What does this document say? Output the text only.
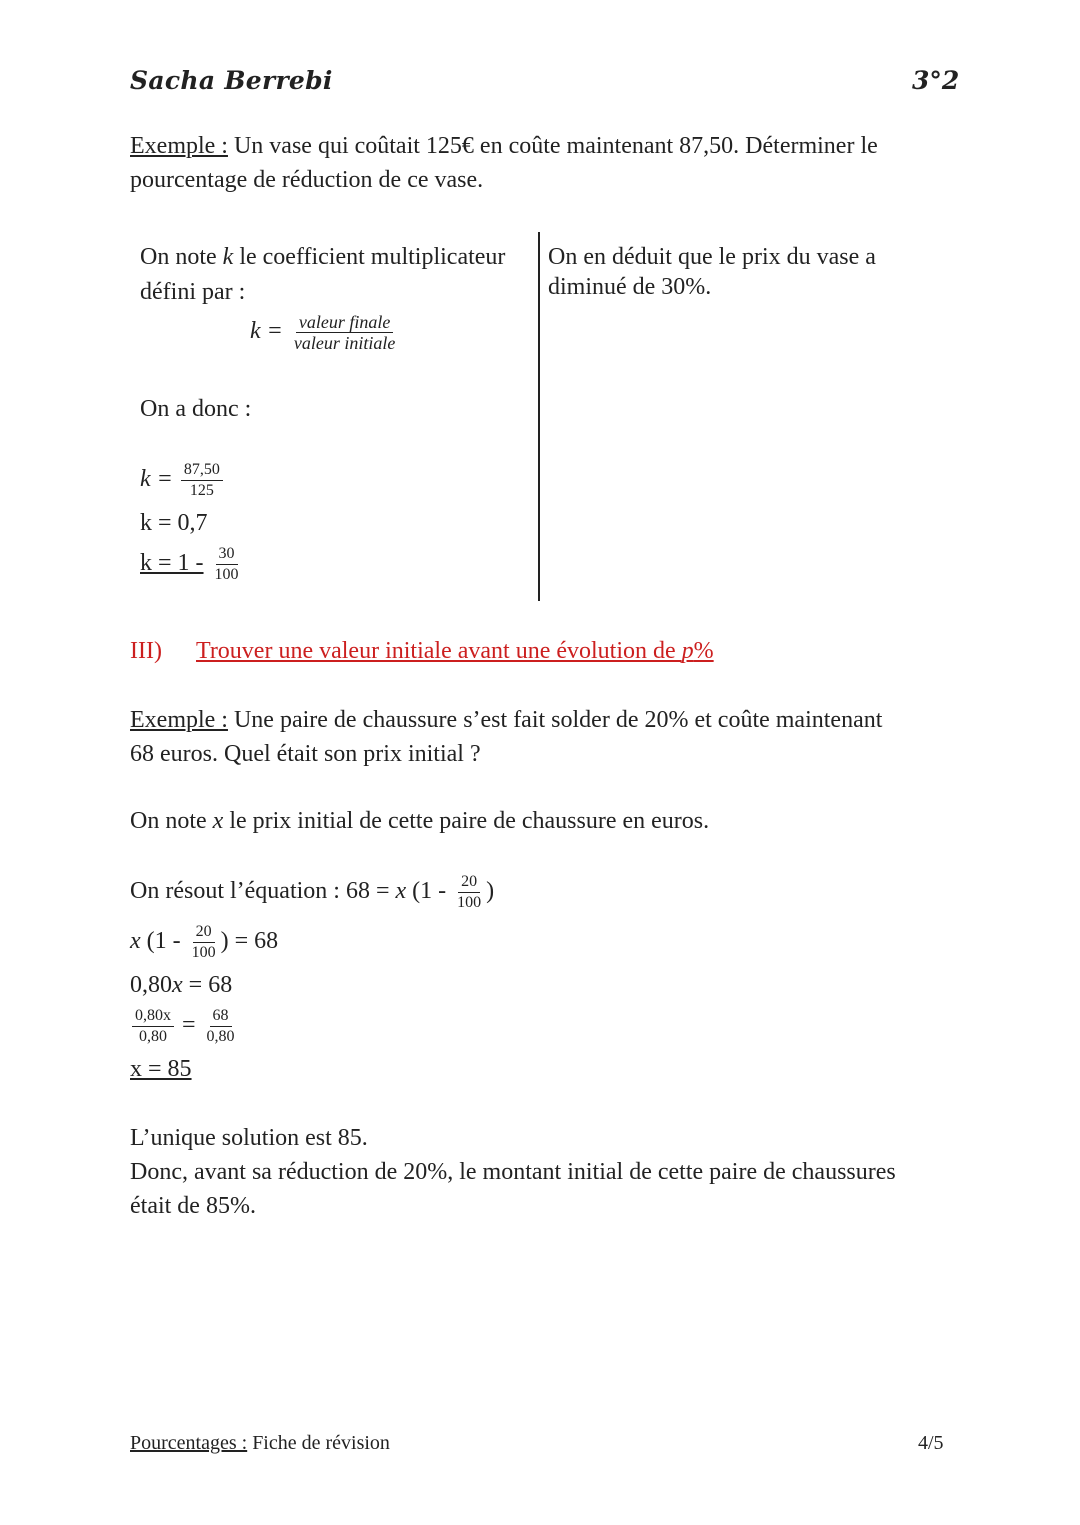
Sacha Berrebi	3°2
Exemple : Un vase qui coûtait 125€ en coûte maintenant 87,50. Déterminer le
pourcentage de réduction de ce vase.
On note k le coefficient multiplicateur
défini par :
$k = \frac{\text{valeur finale}}{\text{valeur initiale}}$
On a donc :
$k = \frac{87,50}{125}$
k = 0,7
$k = 1 - \frac{30}{100}$
On en déduit que le prix du vase a
diminué de 30%.
III) Trouver une valeur initiale avant une évolution de p%
Exemple : Une paire de chaussure s’est fait solder de 20% et coûte maintenant
68 euros. Quel était son prix initial ?
On note x le prix initial de cette paire de chaussure en euros.
On résout l’équation : 68 = x ($1 - \frac{20}{100}$ )
x ($1 - \frac{20}{100}$ ) = 68
0,80x = 68
$\frac{0,80x}{0,80} = \frac{68}{0,80}$
x = 85
L’unique solution est 85.
Donc, avant sa réduction de 20%, le montant initial de cette paire de chaussures
était de 85%.
Pourcentages : Fiche de révision	4/5
